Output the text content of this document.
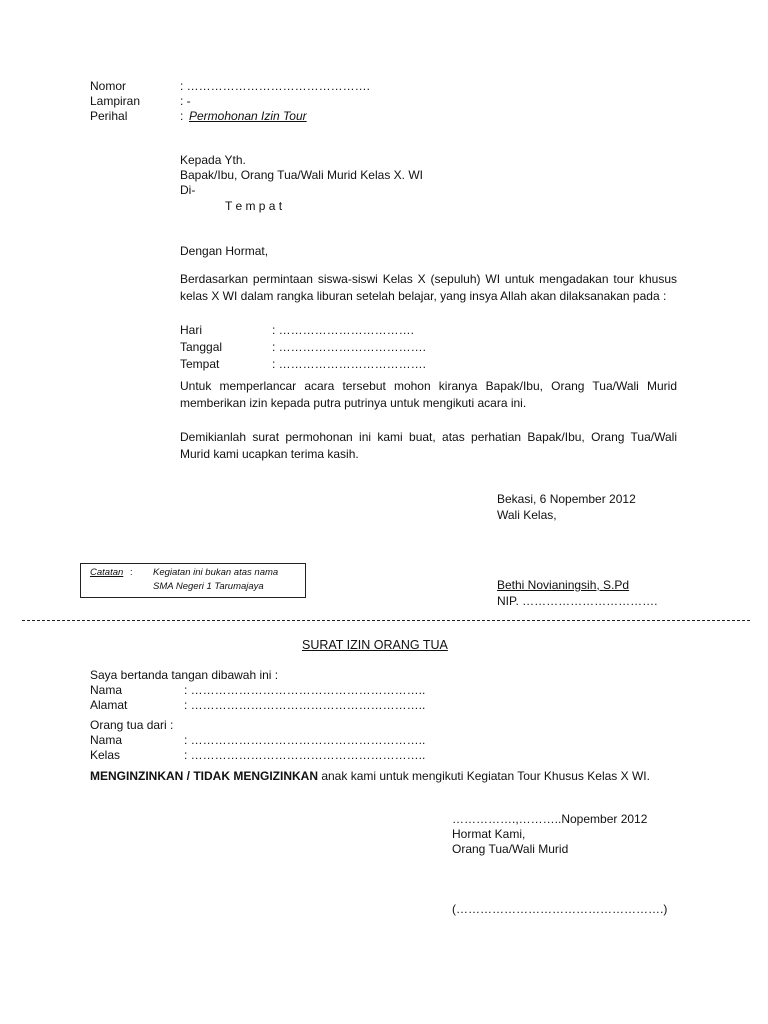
Nomor	: ……………………………………….
Lampiran	: -
Perihal	: Permohonan Izin Tour
Kepada Yth.
Bapak/Ibu, Orang Tua/Wali Murid Kelas X. WI
Di-
T e m p a t
Dengan Hormat,
Berdasarkan permintaan siswa-siswi Kelas X (sepuluh) WI untuk mengadakan tour khusus kelas X WI dalam rangka liburan setelah belajar, yang insya Allah akan dilaksanakan pada :
Hari	: …………………………….
Tanggal	: ……………………………….
Tempat	: ……………………………….
Untuk memperlancar acara tersebut mohon kiranya Bapak/Ibu, Orang Tua/Wali Murid memberikan izin kepada putra putrinya untuk mengikuti acara ini.
Demikianlah surat permohonan ini kami buat, atas perhatian Bapak/Ibu, Orang Tua/Wali Murid kami ucapkan terima kasih.
Bekasi, 6 Nopember 2012
Wali Kelas,
Bethi Novianingsih, S.Pd
NIP. …………………………….
Catatan : Kegiatan ini bukan atas nama
SMA Negeri 1 Tarumajaya
SURAT IZIN ORANG TUA
Saya bertanda tangan dibawah ini :
Nama	: …………………………………………………..
Alamat	: …………………………………………………..
Orang tua dari :
Nama	: …………………………………………………..
Kelas	: …………………………………………………..
MENGINZINKAN / TIDAK MENGIZINKAN anak kami untuk mengikuti Kegiatan Tour Khusus Kelas X WI.
…………….,………..Nopember 2012
Hormat Kami,
Orang Tua/Wali Murid
(…………………………………………….)
